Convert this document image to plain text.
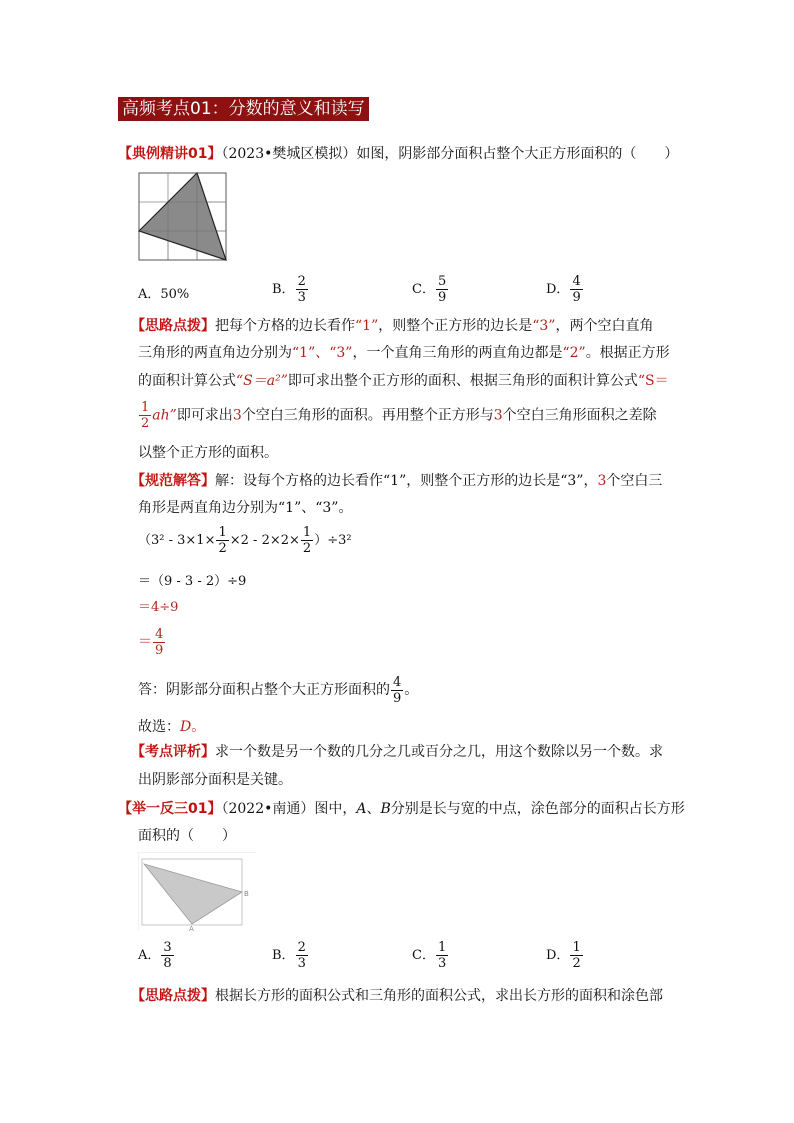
高频考点01：分数的意义和读写
【典例精讲01】（2023•樊城区模拟）如图，阴影部分面积占整个大正方形面积的（　　）
A．50%	B． $\frac{2}{3}$	C． $\frac{5}{9}$	D． $\frac{4}{9}$
【思路点拨】把每个方格的边长看作“1”，则整个正方形的边长是“3”，两个空白直角
三角形的两直角边分别为“1”、“3”，一个直角三角形的两直角边都是“2”。根据正方形
的面积计算公式“S＝a²”即可求出整个正方形的面积、根据三角形的面积计算公式“S＝
$\frac{1}{2}$ ah”即可求出3个空白三角形的面积。再用整个正方形与3个空白三角形面积之差除
以整个正方形的面积。
【规范解答】解：设每个方格的边长看作“1”，则整个正方形的边长是“3”，3个空白三
角形是两直角边分别为“1”、“3”。
$(3^2 - 3\times 1\times \frac{1}{2} \times 2 - 2\times 2\times \frac{1}{2} )\div 3^2$
＝（9 - 3 - 2）÷9
＝4÷9
＝ $\frac{4}{9}$
答：阴影部分面积占整个大正方形面积的 $\frac{4}{9}$ 。
故选：D。
【考点评析】求一个数是另一个数的几分之几或百分之几，用这个数除以另一个数。求
出阴影部分面积是关键。
【举一反三01】（2022•南通）图中，A、B分别是长与宽的中点，涂色部分的面积占长方形
面积的（　　）
B
A
A． $\frac{3}{8}$	B． $\frac{2}{3}$	C． $\frac{1}{3}$	D． $\frac{1}{2}$
【思路点拨】根据长方形的面积公式和三角形的面积公式，求出长方形的面积和涂色部
